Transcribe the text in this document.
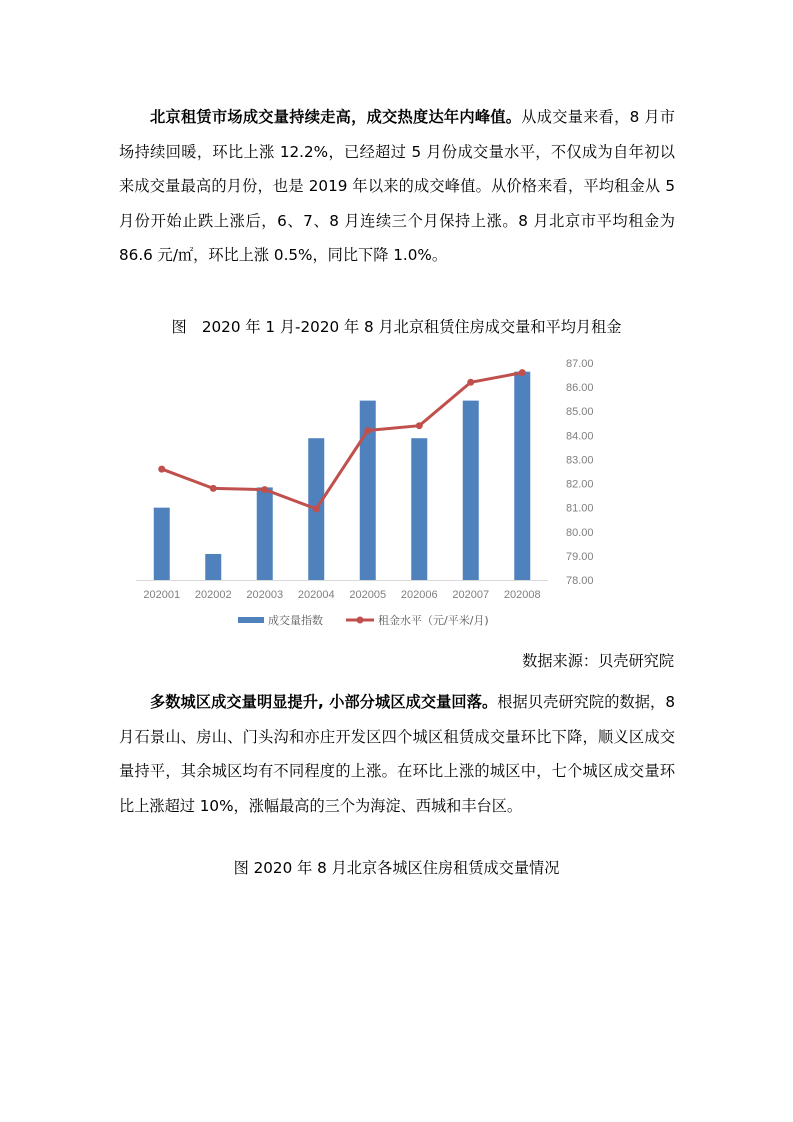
北京租赁市场成交量持续走高，成交热度达年内峰值。从成交量来看，8 月市场持续回暖，环比上涨 12.2%，已经超过 5 月份成交量水平，不仅成为自年初以来成交量最高的月份，也是 2019 年以来的成交峰值。从价格来看，平均租金从 5 月份开始止跌上涨后，6、7、8 月连续三个月保持上涨。8 月北京市平均租金为 86.6 元/㎡，环比上涨 0.5%，同比下降 1.0%。

图　2020 年 1 月-2020 年 8 月北京租赁住房成交量和平均月租金
87.00
86.00
85.00
84.00
83.00
82.00
81.00
80.00
79.00
78.00
202001 202002 202003 202004 202005 202006 202007 202008
成交量指数	租金水平（元/平米/月)
数据来源：贝壳研究院

多数城区成交量明显提升, 小部分城区成交量回落。根据贝壳研究院的数据，8 月石景山、房山、门头沟和亦庄开发区四个城区租赁成交量环比下降，顺义区成交量持平，其余城区均有不同程度的上涨。在环比上涨的城区中，七个城区成交量环比上涨超过 10%，涨幅最高的三个为海淀、西城和丰台区。

图 2020 年 8 月北京各城区住房租赁成交量情况
